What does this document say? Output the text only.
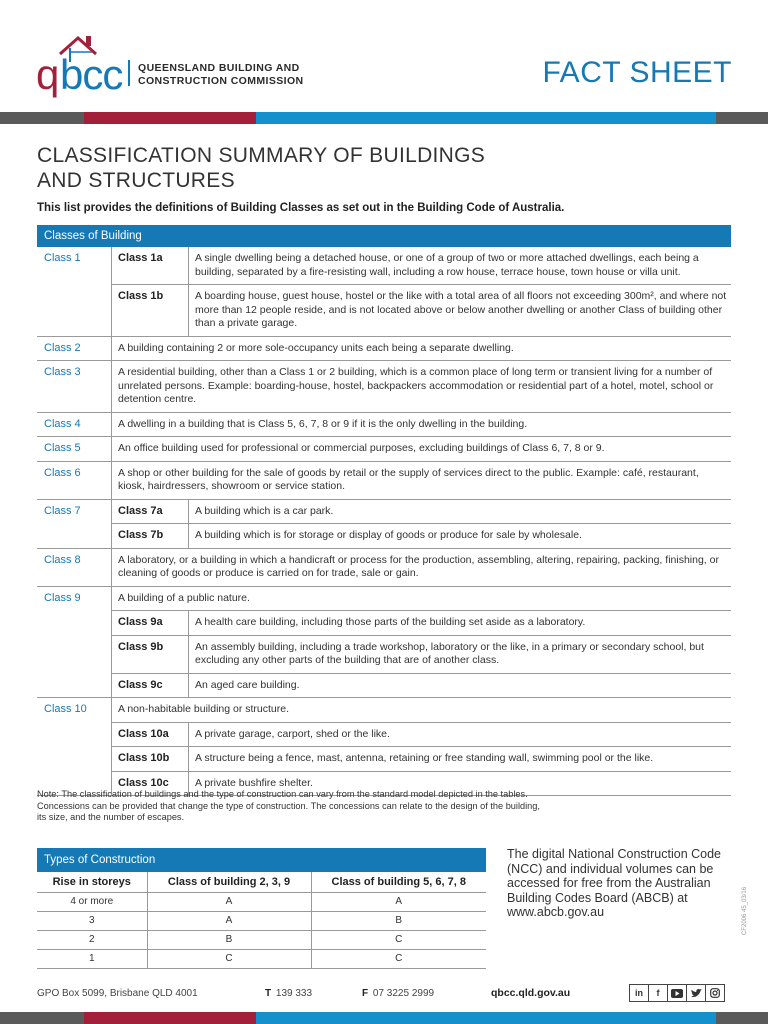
q bcc QUEENSLAND BUILDING AND
CONSTRUCTION COMMISSION	FACT SHEET
CLASSIFICATION SUMMARY OF BUILDINGS
AND STRUCTURES
This list provides the definitions of Building Classes as set out in the Building Code of Australia.
Classes of Building
Class 1	Class 1a	A single dwelling being a detached house, or one of a group of two or more attached dwellings, each being a building, separated by a fire-resisting wall, including a row house, terrace house, town house or villa unit.
Class 1b	A boarding house, guest house, hostel or the like with a total area of all floors not exceeding 300m², and where not more than 12 people reside, and is not located above or below another dwelling or another Class of building other than a private garage.
Class 2	A building containing 2 or more sole-occupancy units each being a separate dwelling.
Class 3	A residential building, other than a Class 1 or 2 building, which is a common place of long term or transient living for a number of unrelated persons. Example: boarding-house, hostel, backpackers accommodation or residential part of a hotel, motel, school or detention centre.
Class 4	A dwelling in a building that is Class 5, 6, 7, 8 or 9 if it is the only dwelling in the building.
Class 5	An office building used for professional or commercial purposes, excluding buildings of Class 6, 7, 8 or 9.
Class 6	A shop or other building for the sale of goods by retail or the supply of services direct to the public. Example: café, restaurant, kiosk, hairdressers, showroom or service station.
Class 7	Class 7a	A building which is a car park.
Class 7b	A building which is for storage or display of goods or produce for sale by wholesale.
Class 8	A laboratory, or a building in which a handicraft or process for the production, assembling, altering, repairing, packing, finishing, or cleaning of goods or produce is carried on for trade, sale or gain.
Class 9	A building of a public nature.
Class 9a	A health care building, including those parts of the building set aside as a laboratory.
Class 9b	An assembly building, including a trade workshop, laboratory or the like, in a primary or secondary school, but excluding any other parts of the building that are of another class.
Class 9c	An aged care building.
Class 10	A non-habitable building or structure.
Class 10a	A private garage, carport, shed or the like.
Class 10b	A structure being a fence, mast, antenna, retaining or free standing wall, swimming pool or the like.
Class 10c	A private bushfire shelter.
Note: The classification of buildings and the type of construction can vary from the standard model depicted in the tables.
Concessions can be provided that change the type of construction. The concessions can relate to the design of the building,
its size, and the number of escapes.
Types of Construction
Rise in storeys	Class of building 2, 3, 9	Class of building 5, 6, 7, 8
4 or more	A	A
3	A	B
2	B	C
1	C	C
The digital National Construction Code (NCC) and individual volumes can be accessed for free from the Australian Building Codes Board (ABCB) at www.abcb.gov.au	CF2006 45_03/16
GPO Box 5099, Brisbane QLD 4001	T 139 333	F 07 3225 2999	qbcc.qld.gov.au	in	f
